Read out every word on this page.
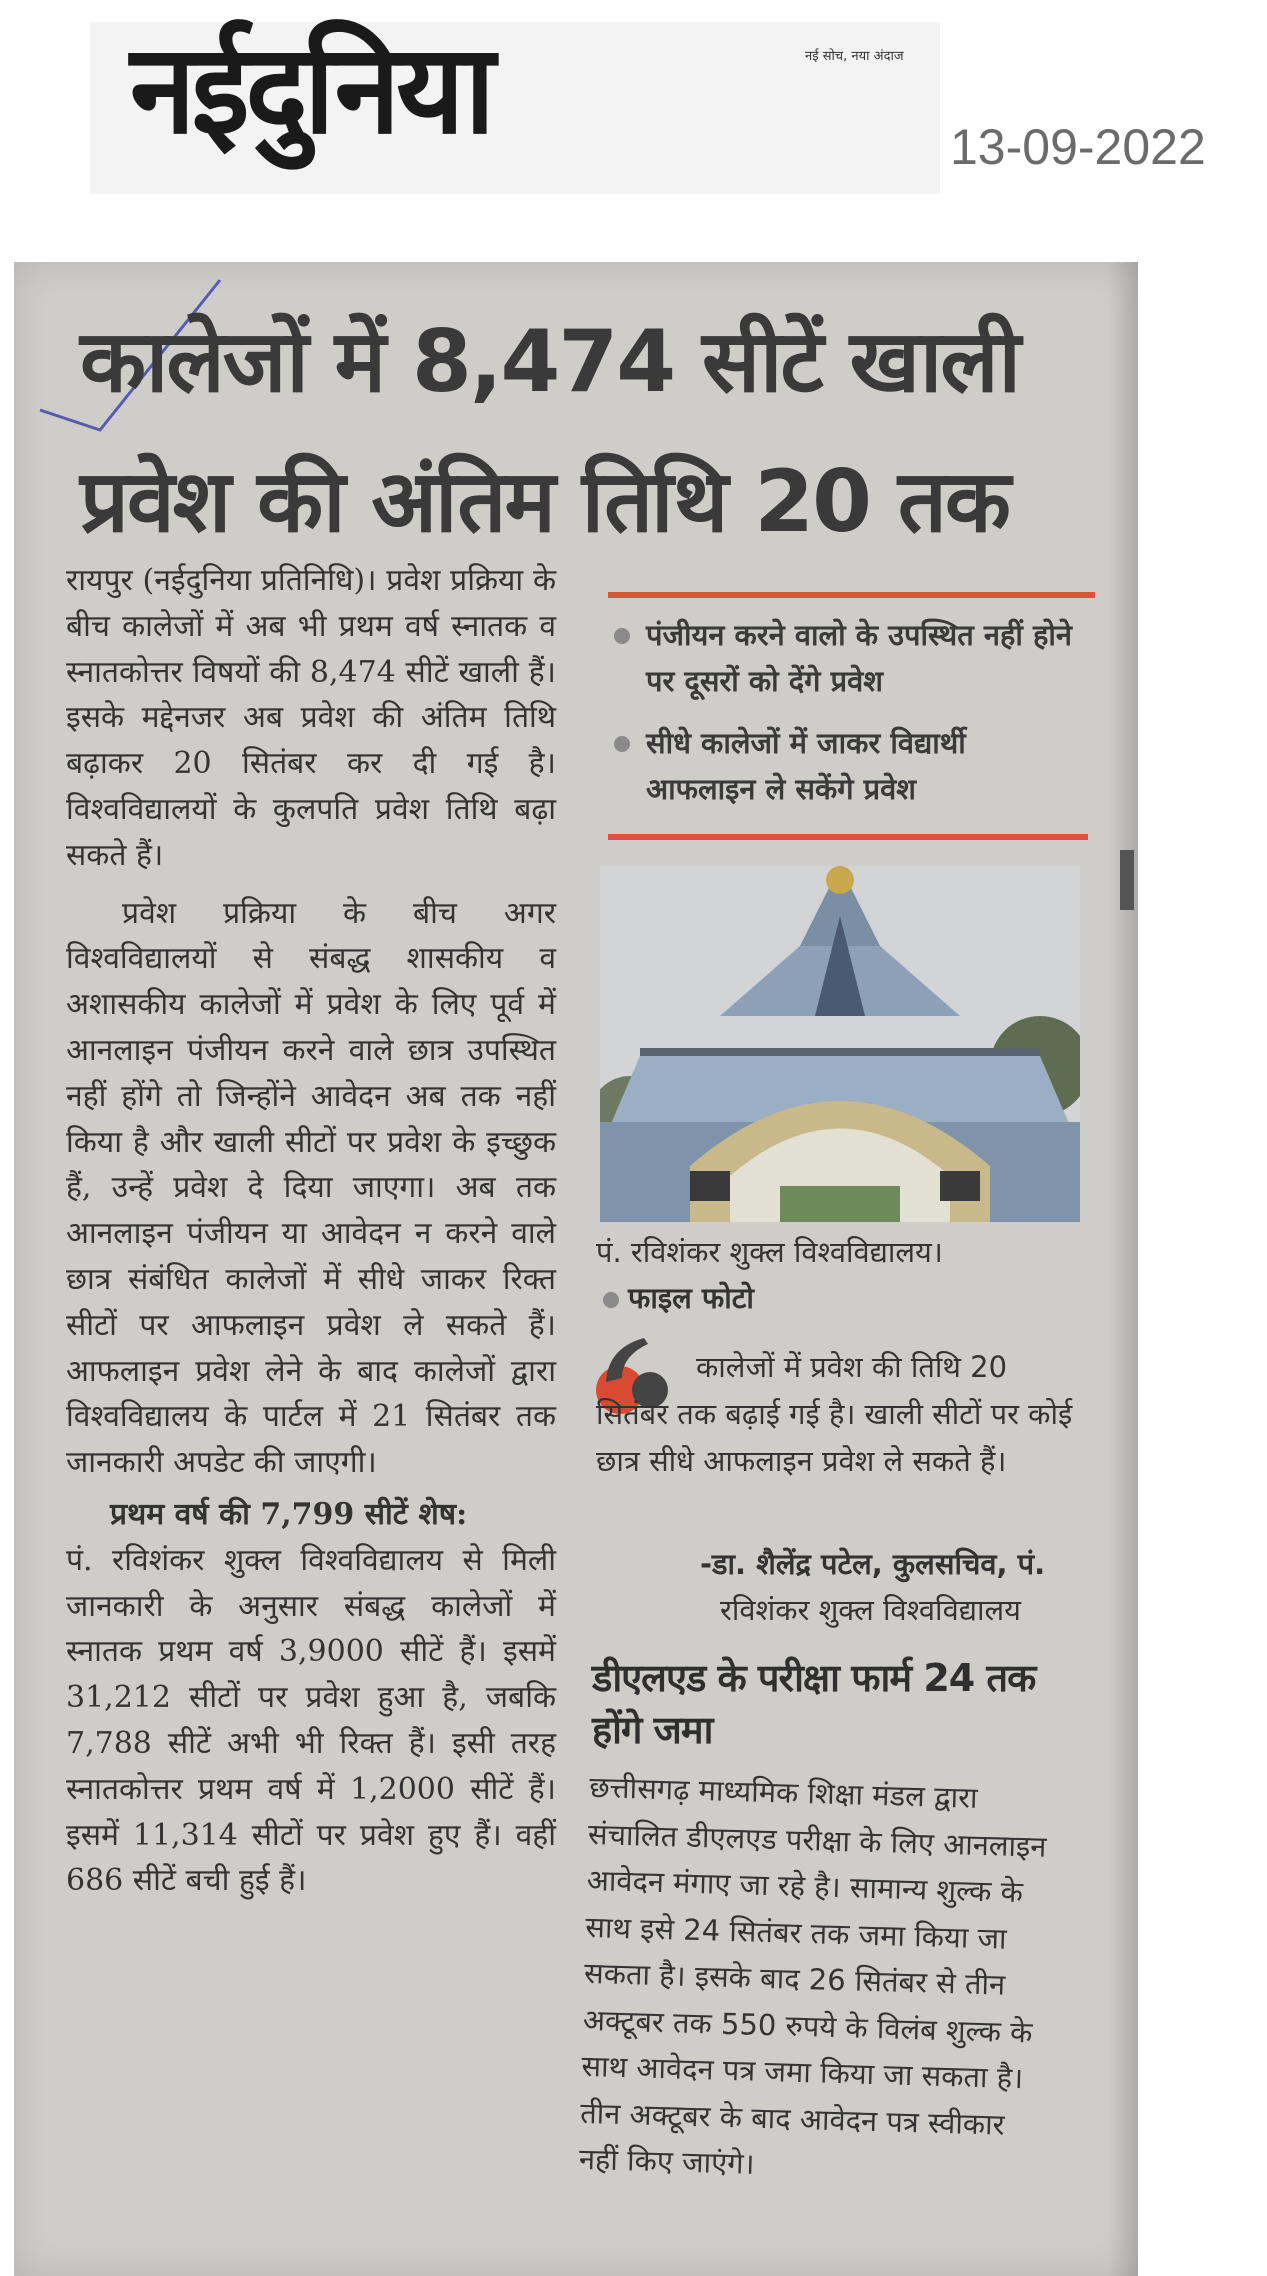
नईदुनिया	नई सोच, नया अंदाज
13-09-2022
कालेजों में 8,474 सीटें खाली
प्रवेश की अंतिम तिथि 20 तक

रायपुर (नईदुनिया प्रतिनिधि)। प्रवेश प्रक्रिया के बीच कालेजों में अब भी प्रथम वर्ष स्नातक व स्नातकोत्तर विषयों की 8,474 सीटें खाली हैं। इसके मद्देनजर अब प्रवेश की अंतिम तिथि बढ़ाकर 20 सितंबर कर दी गई है। विश्वविद्यालयों के कुलपति प्रवेश तिथि बढ़ा सकते हैं।

प्रवेश प्रक्रिया के बीच अगर विश्वविद्यालयों से संबद्ध शासकीय व अशासकीय कालेजों में प्रवेश के लिए पूर्व में आनलाइन पंजीयन करने वाले छात्र उपस्थित नहीं होंगे तो जिन्होंने आवेदन अब तक नहीं किया है और खाली सीटों पर प्रवेश के इच्छुक हैं, उन्हें प्रवेश दे दिया जाएगा। अब तक आनलाइन पंजीयन या आवेदन न करने वाले छात्र संबंधित कालेजों में सीधे जाकर रिक्त सीटों पर आफलाइन प्रवेश ले सकते हैं। आफलाइन प्रवेश लेने के बाद कालेजों द्वारा विश्वविद्यालय के पार्टल में 21 सितंबर तक जानकारी अपडेट की जाएगी।

प्रथम वर्ष की 7,799 सीटें शेष:

पं. रविशंकर शुक्ल विश्वविद्यालय से मिली जानकारी के अनुसार संबद्ध कालेजों में स्नातक प्रथम वर्ष 3,9000 सीटें हैं। इसमें 31,212 सीटों पर प्रवेश हुआ है, जबकि 7,788 सीटें अभी भी रिक्त हैं। इसी तरह स्नातकोत्तर प्रथम वर्ष में 1,2000 सीटें हैं। इसमें 11,314 सीटों पर प्रवेश हुए हैं। वहीं 686 सीटें बची हुई हैं।

पंजीयन करने वालो के उपस्थित नहीं होने पर दूसरों को देंगे प्रवेश
सीधे कालेजों में जाकर विद्यार्थी आफलाइन ले सकेंगे प्रवेश
पं. रविशंकर शुक्ल विश्वविद्यालय।
फाइल फोटो
कालेजों में प्रवेश की तिथि 20 सितंबर तक बढ़ाई गई है। खाली सीटों पर कोई छात्र सीधे आफलाइन प्रवेश ले सकते हैं।
-डा. शैलेंद्र पटेल, कुलसचिव, पं.
रविशंकर शुक्ल विश्वविद्यालय
डीएलएड के परीक्षा फार्म 24 तक होंगे जमा
छत्तीसगढ़ माध्यमिक शिक्षा मंडल द्वारा संचालित डीएलएड परीक्षा के लिए आनलाइन आवेदन मंगाए जा रहे है। सामान्य शुल्क के साथ इसे 24 सितंबर तक जमा किया जा सकता है। इसके बाद 26 सितंबर से तीन अक्टूबर तक 550 रुपये के विलंब शुल्क के साथ आवेदन पत्र जमा किया जा सकता है। तीन अक्टूबर के बाद आवेदन पत्र स्वीकार नहीं किए जाएंगे।
